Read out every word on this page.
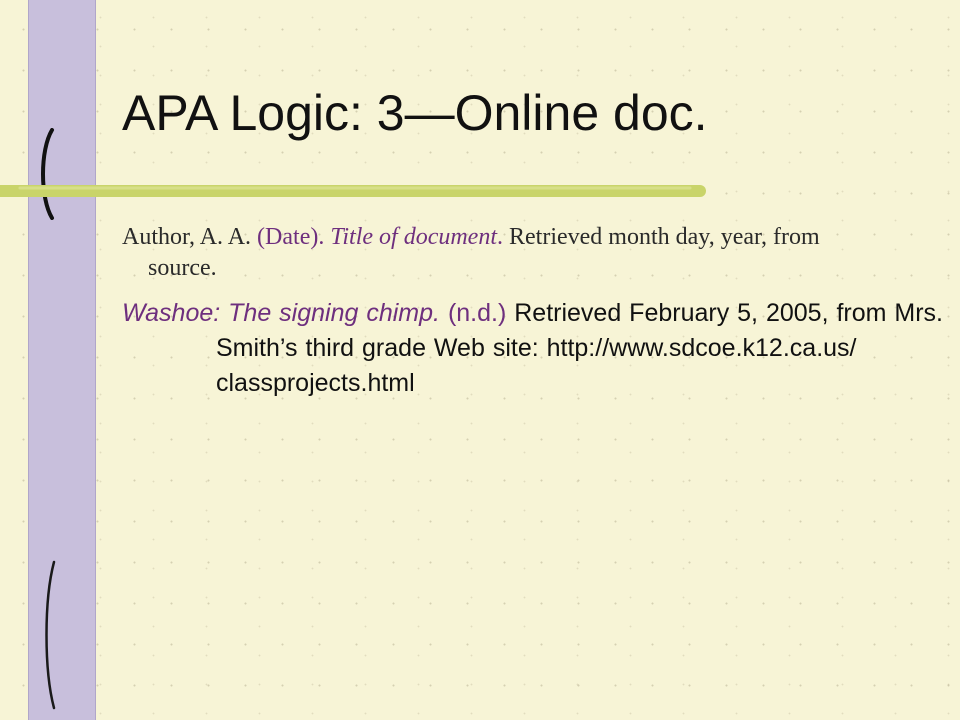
APA Logic: 3—Online doc.

Author, A. A. (Date). Title of document. Retrieved month day, year, from source.

Washoe: The signing chimp. (n.d.) Retrieved February 5, 2005, from Mrs. Smith’s third grade Web site: http://www.sdcoe.k12.ca.us/ classprojects.html
